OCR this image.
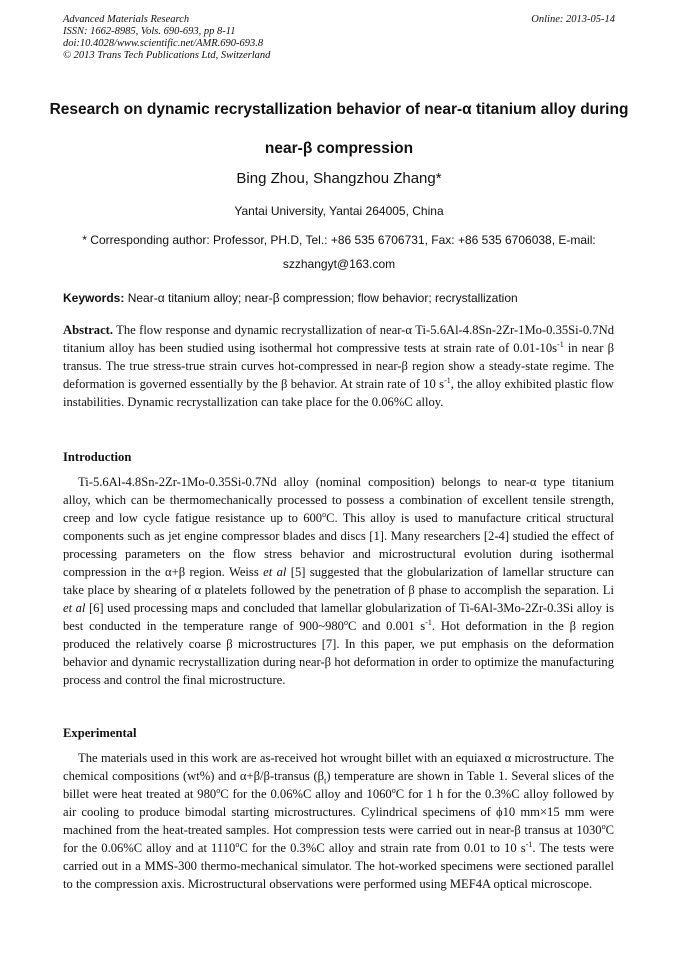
Advanced Materials Research
ISSN: 1662-8985, Vols. 690-693, pp 8-11
doi:10.4028/www.scientific.net/AMR.690-693.8
© 2013 Trans Tech Publications Ltd, Switzerland
Online: 2013-05-14
Research on dynamic recrystallization behavior of near-α titanium alloy during near-β compression
Bing Zhou, Shangzhou Zhang*
Yantai University, Yantai 264005, China
* Corresponding author: Professor, PH.D, Tel.: +86 535 6706731, Fax: +86 535 6706038, E-mail: szzhangyt@163.com
Keywords: Near-α titanium alloy; near-β compression; flow behavior; recrystallization

Abstract. The flow response and dynamic recrystallization of near-α Ti-5.6Al-4.8Sn-2Zr-1Mo-0.35Si-0.7Nd titanium alloy has been studied using isothermal hot compressive tests at strain rate of $0.01-10s^{-1}$ in near β transus. The true stress-true strain curves hot-compressed in near-β region show a steady-state regime. The deformation is governed essentially by the β behavior. At strain rate of 10 $s^{-1}$, the alloy exhibited plastic flow instabilities. Dynamic recrystallization can take place for the 0.06%C alloy.

Introduction

Ti-5.6Al-4.8Sn-2Zr-1Mo-0.35Si-0.7Nd alloy (nominal composition) belongs to near-α type titanium alloy, which can be thermomechanically processed to possess a combination of excellent tensile strength, creep and low cycle fatigue resistance up to 600$^o$C. This alloy is used to manufacture critical structural components such as jet engine compressor blades and discs [1]. Many researchers [2-4] studied the effect of processing parameters on the flow stress behavior and microstructural evolution during isothermal compression in the α+β region. Weiss et al [5] suggested that the globularization of lamellar structure can take place by shearing of α platelets followed by the penetration of β phase to accomplish the separation. Li et al [6] used processing maps and concluded that lamellar globularization of Ti-6Al-3Mo-2Zr-0.3Si alloy is best conducted in the temperature range of 900~980$^o$C and 0.001 $s^{-1}$. Hot deformation in the β region produced the relatively coarse β microstructures [7]. In this paper, we put emphasis on the deformation behavior and dynamic recrystallization during near-β hot deformation in order to optimize the manufacturing process and control the final microstructure.

Experimental

The materials used in this work are as-received hot wrought billet with an equiaxed α microstructure. The chemical compositions (wt%) and α+β/β-transus $(\beta_t)$ temperature are shown in Table 1. Several slices of the billet were heat treated at 980$^o$C for the 0.06%C alloy and 1060$^o$C for 1 h for the 0.3%C alloy followed by air cooling to produce bimodal starting microstructures. Cylindrical specimens of ϕ10 mm×15 mm were machined from the heat-treated samples. Hot compression tests were carried out in near-β transus at 1030$^o$C for the 0.06%C alloy and at 1110$^o$C for the 0.3%C alloy and strain rate from 0.01 to 10 $s^{-1}$. The tests were carried out in a MMS-300 thermo-mechanical simulator. The hot-worked specimens were sectioned parallel to the compression axis. Microstructural observations were performed using MEF4A optical microscope.
